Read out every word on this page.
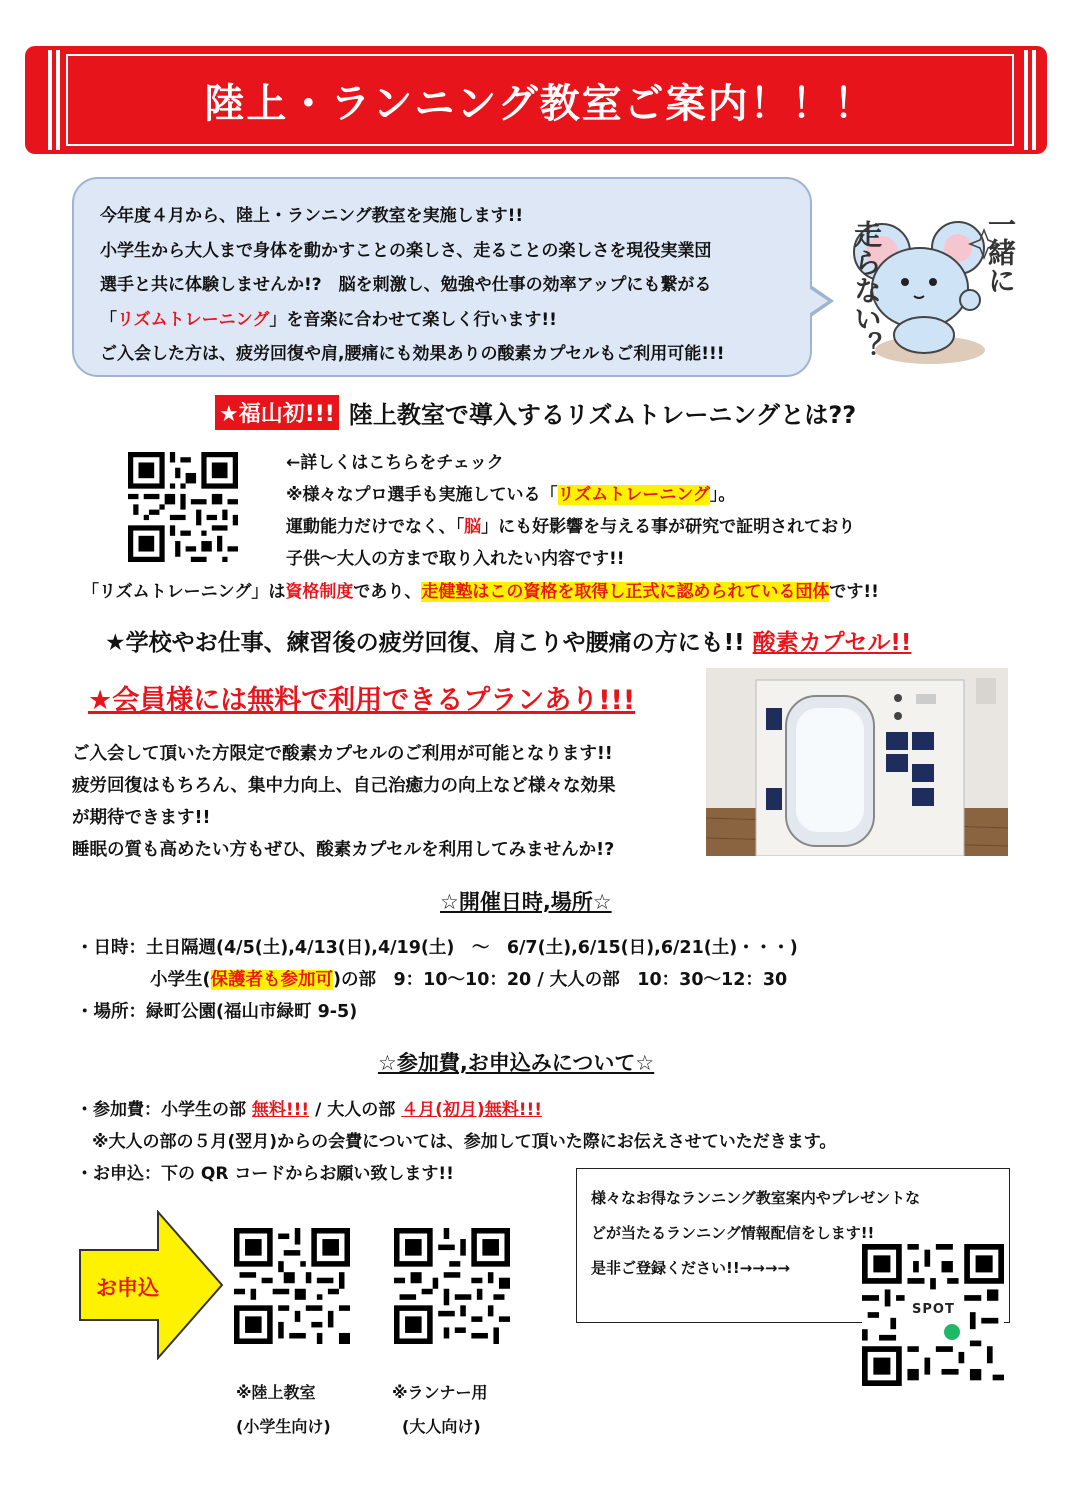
陸上・ランニング教室ご案内！！！
今年度４月から、陸上・ランニング教室を実施します!!
小学生から大人まで身体を動かすことの楽しさ、走ることの楽しさを現役実業団
選手と共に体験しませんか!?　脳を刺激し、勉強や仕事の効率アップにも繋がる
「リズムトレーニング」を音楽に合わせて楽しく行います!!
ご入会した方は、疲労回復や肩,腰痛にも効果ありの酸素カプセルもご利用可能!!!
一緒に
走らない？
★福山初!!! 陸上教室で導入するリズムトレーニングとは??
←詳しくはこちらをチェック
※様々なプロ選手も実施している「リズムトレーニング」。
運動能力だけでなく、「脳」にも好影響を与える事が研究で証明されており
子供～大人の方まで取り入れたい内容です!!
「リズムトレーニング」は資格制度であり、走健塾はこの資格を取得し正式に認められている団体です!!
★学校やお仕事、練習後の疲労回復、肩こりや腰痛の方にも!! 酸素カプセル!!
★会員様には無料で利用できるプランあり!!!
ご入会して頂いた方限定で酸素カプセルのご利用が可能となります!!
疲労回復はもちろん、集中力向上、自己治癒力の向上など様々な効果
が期待できます!!
睡眠の質も高めたい方もぜひ、酸素カプセルを利用してみませんか!?
☆開催日時,場所☆
・日時：土日隔週(4/5(土),4/13(日),4/19(土)　～　6/7(土),6/15(日),6/21(土)・・・)
小学生(保護者も参加可)の部　9：10～10：20 / 大人の部　10：30～12：30
・場所：緑町公園(福山市緑町 9-5)
☆参加費,お申込みについて☆
・参加費：小学生の部 無料!!! / 大人の部 ４月(初月)無料!!!
※大人の部の５月(翌月)からの会費については、参加して頂いた際にお伝えさせていただきます。
・お申込：下の QR コードからお願い致します!!
お申込
※陸上教室
(小学生向け)
※ランナー用
(大人向け)
様々なお得なランニング教室案内やプレゼントな
どが当たるランニング情報配信をします!!
是非ご登録ください!!→→→→
SPOT
